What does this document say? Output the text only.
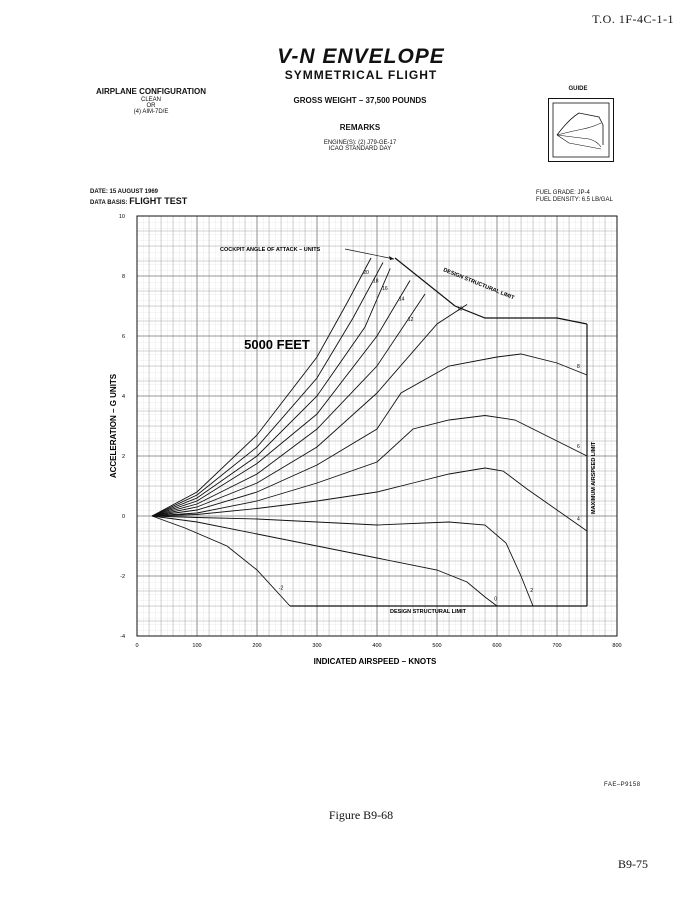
T.O. 1F-4C-1-1
V-N ENVELOPE
SYMMETRICAL FLIGHT
AIRPLANE CONFIGURATION
CLEAN
OR
(4) AIM-7D/E
GROSS WEIGHT – 37,500 POUNDS
REMARKS
ENGINE(S): (2) J79-GE-17
ICAO STANDARD DAY
GUIDE
DATE: 15 AUGUST 1969
DATA BASIS: FLIGHT TEST
FUEL GRADE: JP-4
FUEL DENSITY: 6.5 LB/GAL
20
18
16
14
12
10
8
6
4
2
0
-2
0	100	200	300	400	500	600	700	800
-4
-2
0
2
4
6
8
10
5000 FEET
COCKPIT ANGLE OF ATTACK – UNITS
DESIGN STRUCTURAL LIMIT
DESIGN STRUCTURAL LIMIT
MAXIMUM AIRSPEED LIMIT
INDICATED AIRSPEED – KNOTS
ACCELERATION – G UNITS
FAE–P9158
Figure B9-68
B9-75
